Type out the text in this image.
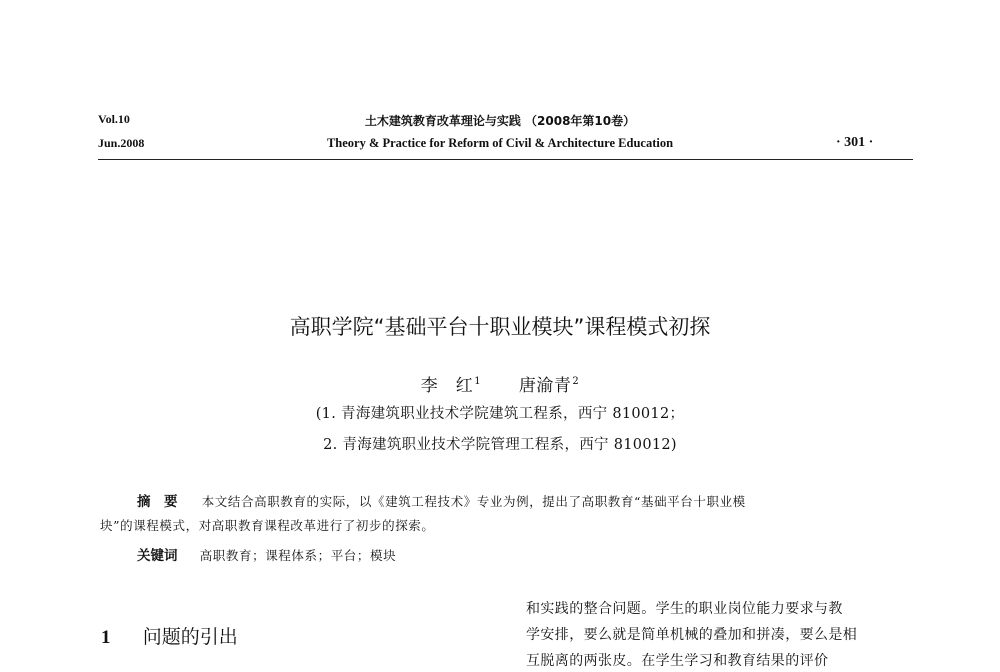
Vol.10
Jun.2008
土木建筑教育改革理论与实践 （2008年第10卷）
Theory & Practice for Reform of Civil & Architecture Education	· 301 ·
高职学院“基础平台十职业模块”课程模式初探
李　红$^1$ 唐渝青$^2$
(1. 青海建筑职业技术学院建筑工程系，西宁 810012；
2. 青海建筑职业技术学院管理工程系，西宁 810012)
摘　要 本文结合高职教育的实际，以《建筑工程技术》专业为例，提出了高职教育“基础平台十职业模
块”的课程模式，对高职教育课程改革进行了初步的探索。
关键词 高职教育；课程体系；平台；模块
1 问题的引出
和实践的整合问题。学生的职业岗位能力要求与教
学安排，要么就是简单机械的叠加和拼凑，要么是相
互脱离的两张皮。在学生学习和教育结果的评价
